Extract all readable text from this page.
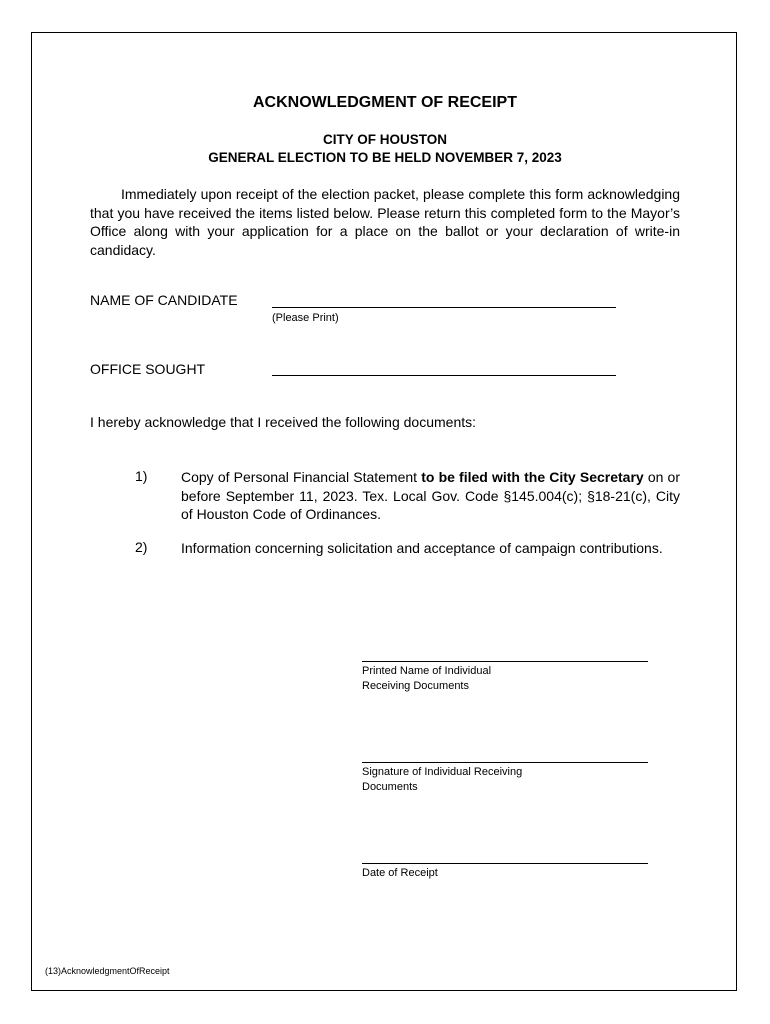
ACKNOWLEDGMENT OF RECEIPT
CITY OF HOUSTON
GENERAL ELECTION TO BE HELD NOVEMBER 7, 2023

Immediately upon receipt of the election packet, please complete this form acknowledging that you have received the items listed below. Please return this completed form to the Mayor’s Office along with your application for a place on the ballot or your declaration of write-in candidacy.

NAME OF CANDIDATE
(Please Print)
OFFICE SOUGHT
I hereby acknowledge that I received the following documents:
1) Copy of Personal Financial Statement to be filed with the City Secretary on or before September 11, 2023. Tex. Local Gov. Code §145.004(c); §18-21(c), City of Houston Code of Ordinances.

2) Information concerning solicitation and acceptance of campaign contributions.

Printed Name of Individual
Receiving Documents
Signature of Individual Receiving
Documents
Date of Receipt
(13)AcknowledgmentOfReceipt
